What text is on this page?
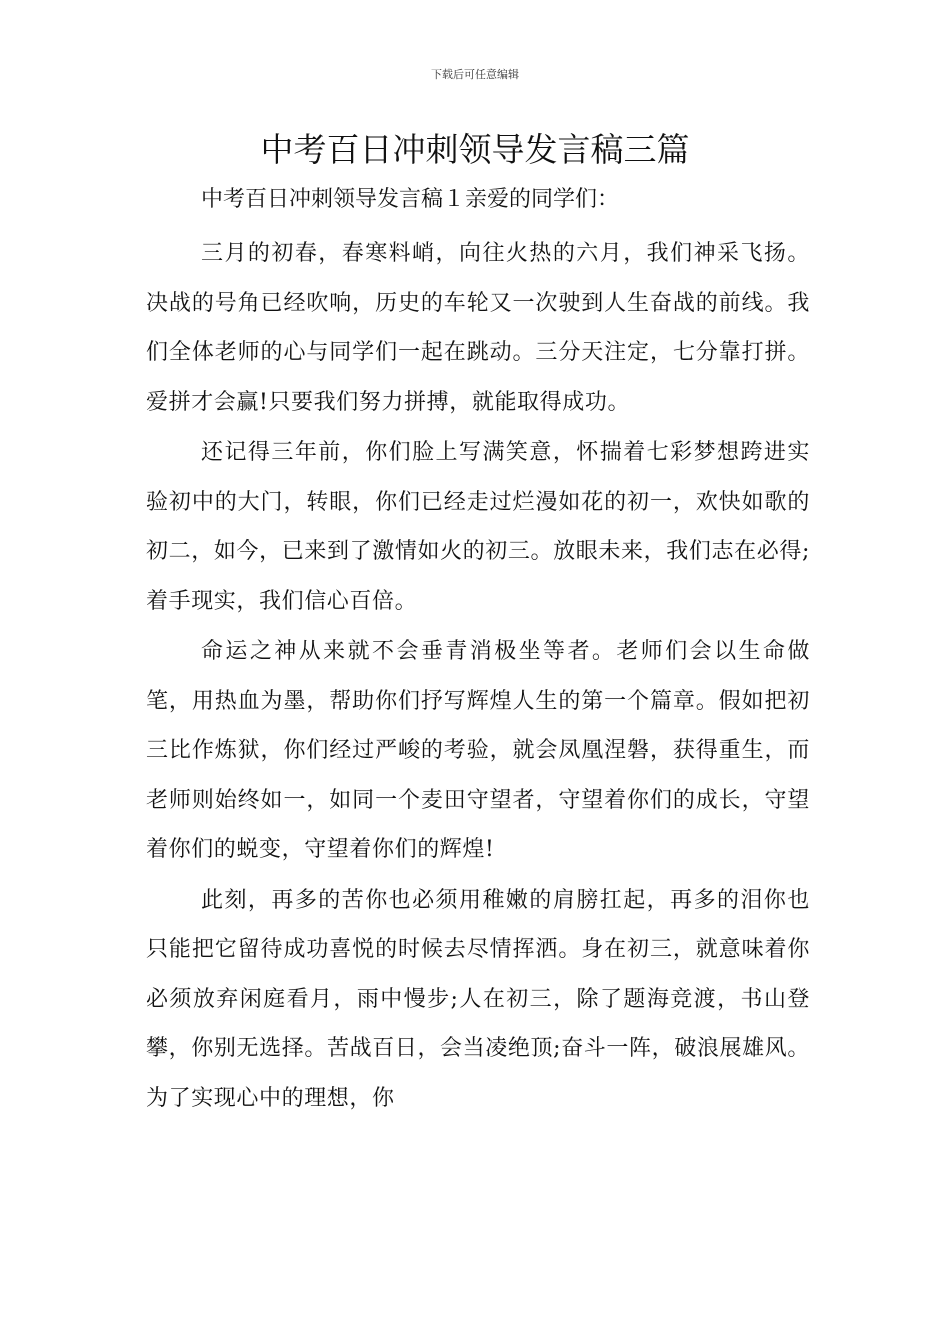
下载后可任意编辑
中考百日冲刺领导发言稿三篇
中考百日冲刺领导发言稿１亲爱的同学们：

三月的初春，春寒料峭，向往火热的六月，我们神采飞扬。决战的号角已经吹响，历史的车轮又一次驶到人生奋战的前线。我们全体老师的心与同学们一起在跳动。三分天注定，七分靠打拼。爱拼才会赢!只要我们努力拼搏，就能取得成功。

还记得三年前，你们脸上写满笑意，怀揣着七彩梦想跨进实验初中的大门，转眼，你们已经走过烂漫如花的初一，欢快如歌的初二，如今，已来到了激情如火的初三。放眼未来，我们志在必得;着手现实，我们信心百倍。

命运之神从来就不会垂青消极坐等者。老师们会以生命做笔，用热血为墨，帮助你们抒写辉煌人生的第一个篇章。假如把初三比作炼狱，你们经过严峻的考验，就会凤凰涅磐，获得重生，而老师则始终如一，如同一个麦田守望者，守望着你们的成长，守望着你们的蜕变，守望着你们的辉煌!

此刻，再多的苦你也必须用稚嫩的肩膀扛起，再多的泪你也只能把它留待成功喜悦的时候去尽情挥洒。身在初三，就意味着你必须放弃闲庭看月，雨中慢步;人在初三，除了题海竞渡，书山登攀，你别无选择。苦战百日，会当凌绝顶;奋斗一阵，破浪展雄风。为了实现心中的理想，你
